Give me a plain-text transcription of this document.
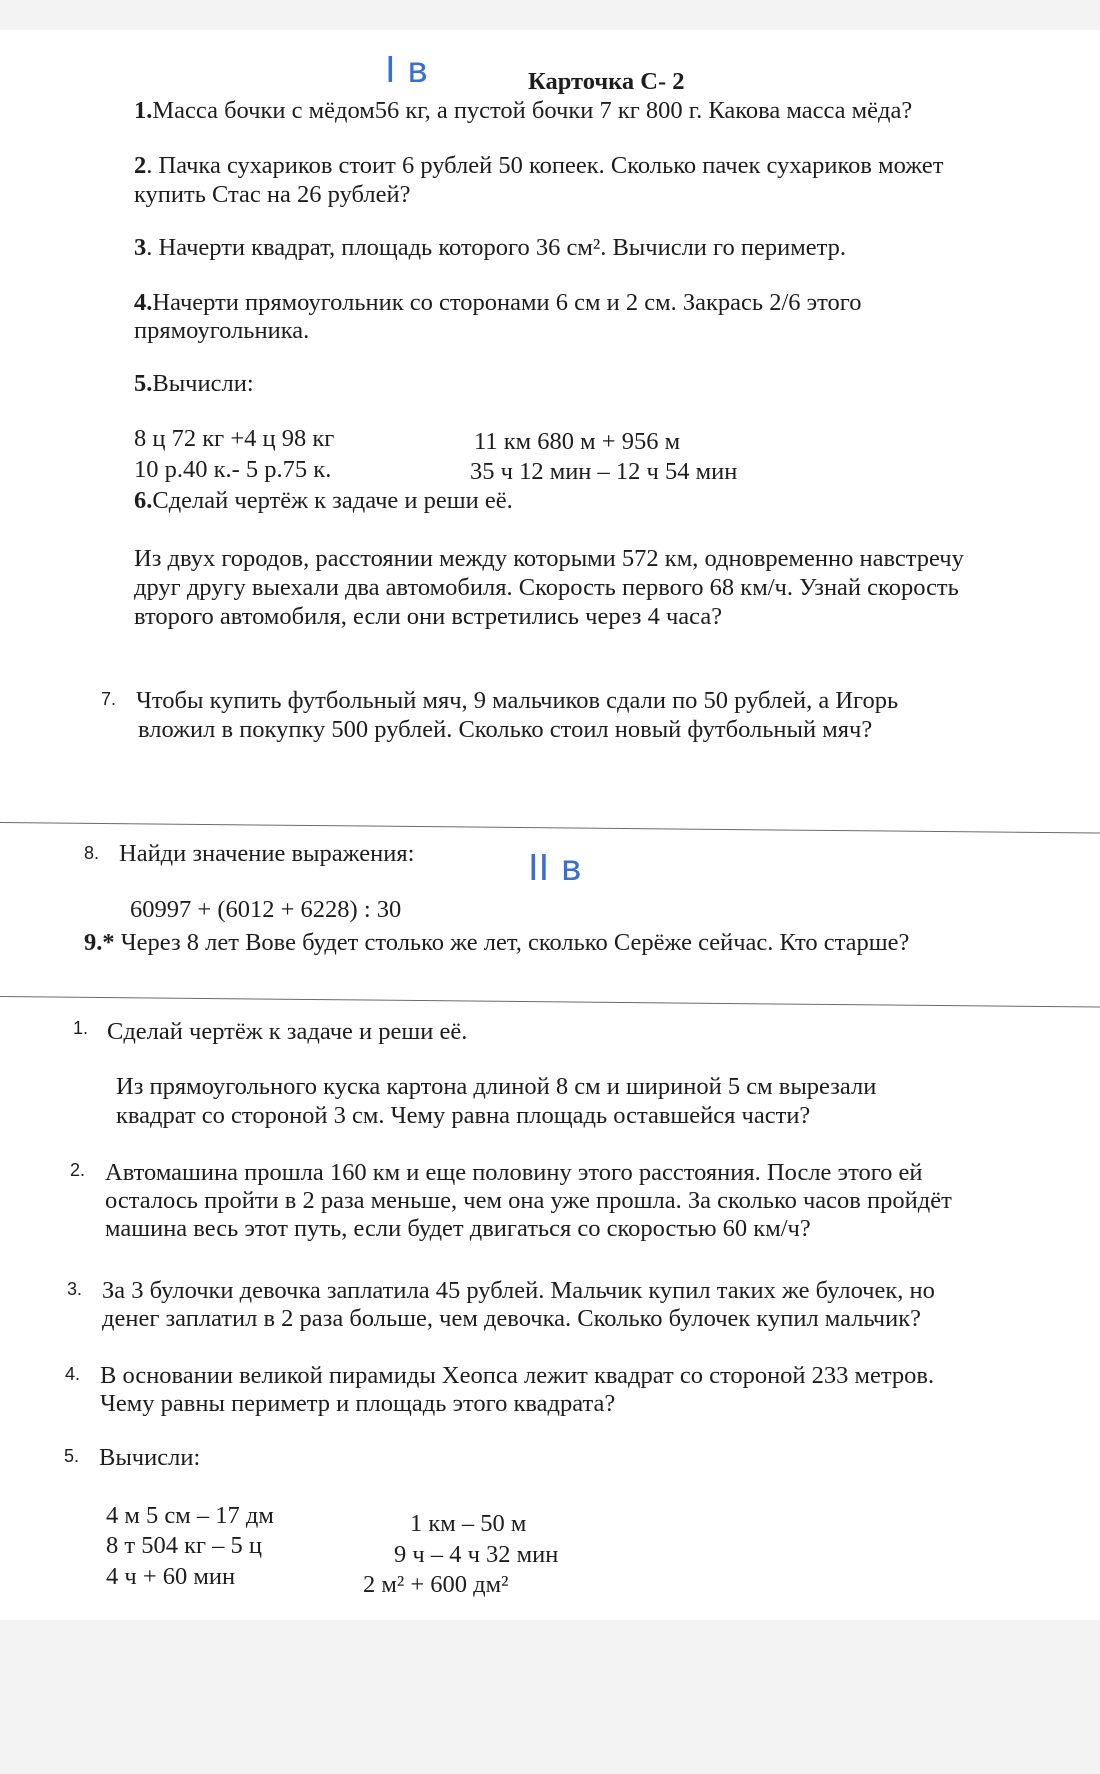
I в	Карточка С- 2
1.Масса бочки с мёдом56 кг, а пустой бочки 7 кг 800 г. Какова масса мёда?
2. Пачка сухариков стоит 6 рублей 50 копеек. Сколько пачек сухариков может
купить Стас на 26 рублей?
3. Начерти квадрат, площадь которого 36 см². Вычисли го периметр.
4.Начерти прямоугольник со сторонами 6 см и 2 см. Закрась 2/6 этого
прямоугольника.
5.Вычисли:
8 ц 72 кг +4 ц 98 кг
10 р.40 к.- 5 р.75 к.
11 км 680 м + 956 м
35 ч 12 мин – 12 ч 54 мин
6.Сделай чертёж к задаче и реши её.
Из двух городов, расстоянии между которыми 572 км, одновременно навстречу
друг другу выехали два автомобиля. Скорость первого 68 км/ч. Узнай скорость
второго автомобиля, если они встретились через 4 часа?
7. Чтобы купить футбольный мяч, 9 мальчиков сдали по 50 рублей, а Игорь
вложил в покупку 500 рублей. Сколько стоил новый футбольный мяч?
8. Найди значение выражения:	II в
60997 + (6012 + 6228) : 30
9.* Через 8 лет Вове будет столько же лет, сколько Серёже сейчас. Кто старше?
1. Сделай чертёж к задаче и реши её.
Из прямоугольного куска картона длиной 8 см и шириной 5 см вырезали
квадрат со стороной 3 см. Чему равна площадь оставшейся части?
2. Автомашина прошла 160 км и еще половину этого расстояния. После этого ей
осталось пройти в 2 раза меньше, чем она уже прошла. За сколько часов пройдёт
машина весь этот путь, если будет двигаться со скоростью 60 км/ч?
3. За 3 булочки девочка заплатила 45 рублей. Мальчик купил таких же булочек, но
денег заплатил в 2 раза больше, чем девочка. Сколько булочек купил мальчик?
4. В основании великой пирамиды Хеопса лежит квадрат со стороной 233 метров.
Чему равны периметр и площадь этого квадрата?
5. Вычисли:
4 м 5 см – 17 дм
8 т 504 кг – 5 ц
4 ч + 60 мин
1 км – 50 м
9 ч – 4 ч 32 мин
2 м² + 600 дм²
